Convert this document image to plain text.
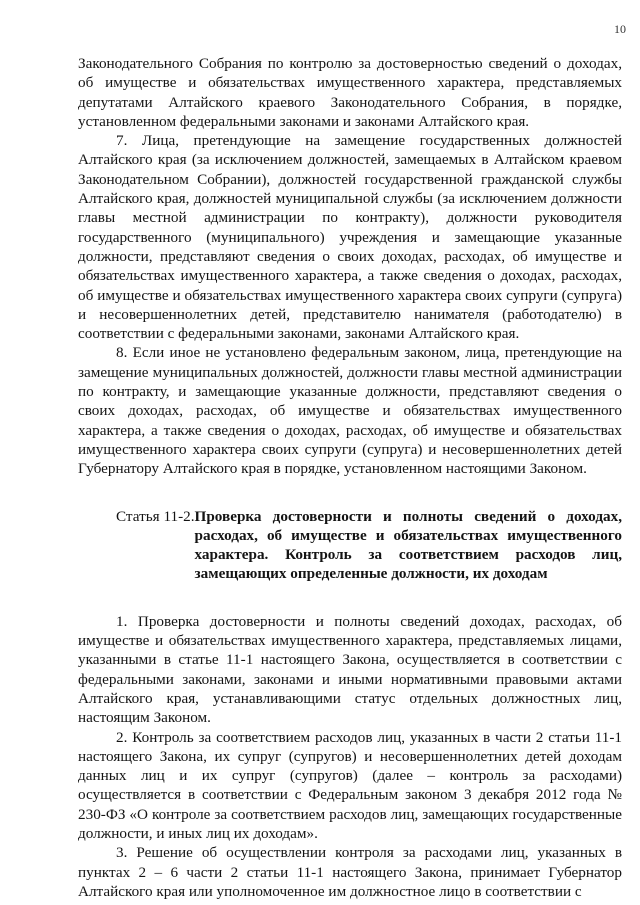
10

Законодательного Собрания по контролю за достоверностью сведений о доходах, об имуществе и обязательствах имущественного характера, представляемых депутатами Алтайского краевого Законодательного Собрания, в порядке, установленном федеральными законами и законами Алтайского края.

7. Лица, претендующие на замещение государственных должностей Алтайского края (за исключением должностей, замещаемых в Алтайском краевом Законодательном Собрании), должностей государственной гражданской службы Алтайского края, должностей муниципальной службы (за исключением должности главы местной администрации по контракту), должности руководителя государственного (муниципального) учреждения и замещающие указанные должности, представляют сведения о своих доходах, расходах, об имуществе и обязательствах имущественного характера, а также сведения о доходах, расходах, об имуществе и обязательствах имущественного характера своих супруги (супруга) и несовершеннолетних детей, представителю нанимателя (работодателю) в соответствии с федеральными законами, законами Алтайского края.

8. Если иное не установлено федеральным законом, лица, претендующие на замещение муниципальных должностей, должности главы местной администрации по контракту, и замещающие указанные должности, представляют сведения о своих доходах, расходах, об имуществе и обязательствах имущественного характера, а также сведения о доходах, расходах, об имуществе и обязательствах имущественного характера своих супруги (супруга) и несовершеннолетних детей Губернатору Алтайского края в порядке, установленном настоящими Законом.

Статья 11-2. Проверка достоверности и полноты сведений о доходах, расходах, об имуществе и обязательствах имущественного характера. Контроль за соответствием расходов лиц, замещающих определенные должности, их доходам

1. Проверка достоверности и полноты сведений доходах, расходах, об имуществе и обязательствах имущественного характера, представляемых лицами, указанными в статье 11-1 настоящего Закона, осуществляется в соответствии с федеральными законами, законами и иными нормативными правовыми актами Алтайского края, устанавливающими статус отдельных должностных лиц, настоящим Законом.

2. Контроль за соответствием расходов лиц, указанных в части 2 статьи 11-1 настоящего Закона, их супруг (супругов) и несовершеннолетних детей доходам данных лиц и их супруг (супругов) (далее – контроль за расходами) осуществляется в соответствии с Федеральным законом 3 декабря 2012 года № 230-ФЗ «О контроле за соответствием расходов лиц, замещающих государственные должности, и иных лиц их доходам».

3. Решение об осуществлении контроля за расходами лиц, указанных в пунктах 2 – 6 части 2 статьи 11-1 настоящего Закона, принимает Губернатор Алтайского края или уполномоченное им должностное лицо в соответствии с
